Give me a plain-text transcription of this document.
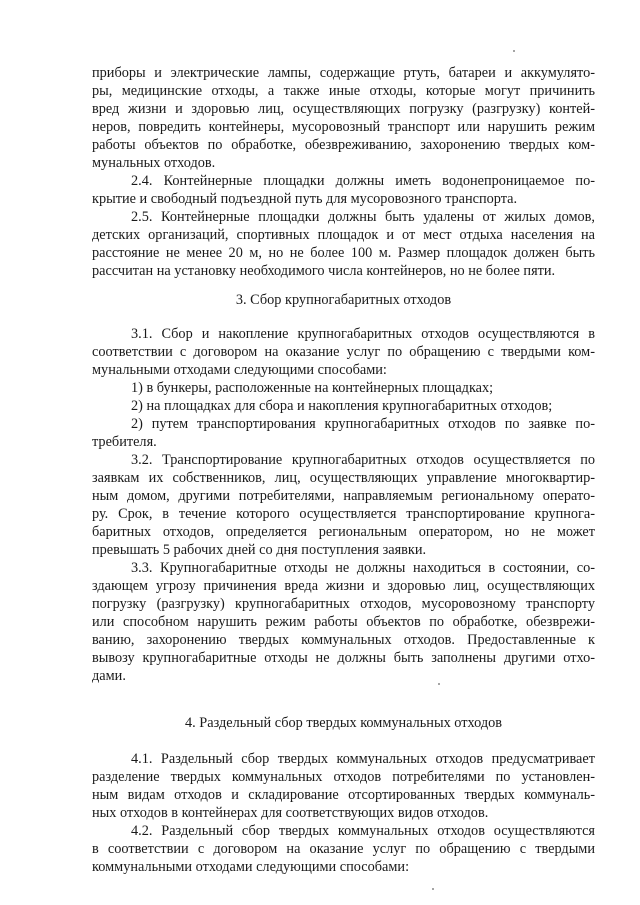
приборы и электрические лампы, содержащие ртуть, батареи и аккумулято-
ры, медицинские отходы, а также иные отходы, которые могут причинить
вред жизни и здоровью лиц, осуществляющих погрузку (разгрузку) контей-
неров, повредить контейнеры, мусоровозный транспорт или нарушить режим
работы объектов по обработке, обезвреживанию, захоронению твердых ком-
мунальных отходов.
2.4. Контейнерные площадки должны иметь водонепроницаемое по-
крытие и свободный подъездной путь для мусоровозного транспорта.
2.5. Контейнерные площадки должны быть удалены от жилых домов,
детских организаций, спортивных площадок и от мест отдыха населения на
расстояние не менее 20 м, но не более 100 м. Размер площадок должен быть
рассчитан на установку необходимого числа контейнеров, но не более пяти.
3. Сбор крупногабаритных отходов
3.1. Сбор и накопление крупногабаритных отходов осуществляются в
соответствии с договором на оказание услуг по обращению с твердыми ком-
мунальными отходами следующими способами:
1) в бункеры, расположенные на контейнерных площадках;
2) на площадках для сбора и накопления крупногабаритных отходов;
2) путем транспортирования крупногабаритных отходов по заявке по-
требителя.
3.2. Транспортирование крупногабаритных отходов осуществляется по
заявкам их собственников, лиц, осуществляющих управление многоквартир-
ным домом, другими потребителями, направляемым региональному операто-
ру. Срок, в течение которого осуществляется транспортирование крупнога-
баритных отходов, определяется региональным оператором, но не может
превышать 5 рабочих дней со дня поступления заявки.
3.3. Крупногабаритные отходы не должны находиться в состоянии, со-
здающем угрозу причинения вреда жизни и здоровью лиц, осуществляющих
погрузку (разгрузку) крупногабаритных отходов, мусоровозному транспорту
или способном нарушить режим работы объектов по обработке, обезврежи-
ванию, захоронению твердых коммунальных отходов. Предоставленные к
вывозу крупногабаритные отходы не должны быть заполнены другими отхо-
дами.
4. Раздельный сбор твердых коммунальных отходов
4.1. Раздельный сбор твердых коммунальных отходов предусматривает
разделение твердых коммунальных отходов потребителями по установлен-
ным видам отходов и складирование отсортированных твердых коммуналь-
ных отходов в контейнерах для соответствующих видов отходов.
4.2. Раздельный сбор твердых коммунальных отходов осуществляются
в соответствии с договором на оказание услуг по обращению с твердыми
коммунальными отходами следующими способами:
